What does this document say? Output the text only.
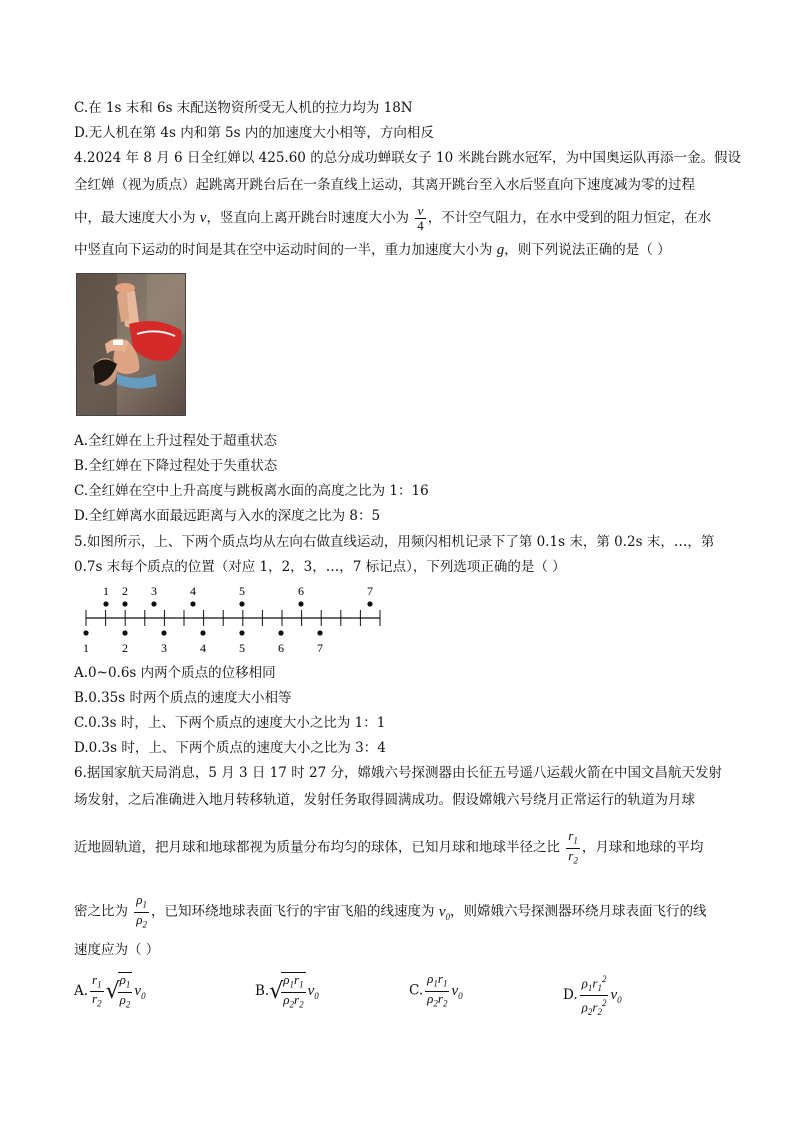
C.在 1s 末和 6s 末配送物资所受无人机的拉力均为 18N
D.无人机在第 4s 内和第 5s 内的加速度大小相等，方向相反
4.2024 年 8 月 6 日全红婵以 425.60 的总分成功蝉联女子 10 米跳台跳水冠军，为中国奥运队再添一金。假设
全红婵（视为质点）起跳离开跳台后在一条直线上运动，其离开跳台至入水后竖直向下速度减为零的过程
中，最大速度大小为 v，竖直向上离开跳台时速度大小为 $\frac{v}{4}$ ，不计空气阻力，在水中受到的阻力恒定，在水
中竖直向下运动的时间是其在空中运动时间的一半，重力加速度大小为 g，则下列说法正确的是（ ）
A.全红婵在上升过程处于超重状态
B.全红婵在下降过程处于失重状态
C.全红婵在空中上升高度与跳板离水面的高度之比为 1：16
D.全红婵离水面最远距离与入水的深度之比为 8：5
5.如图所示，上、下两个质点均从左向右做直线运动，用频闪相机记录下了第 0.1s 末，第 0.2s 末，…，第
0.7s 末每个质点的位置（对应 1，2，3，…，7 标记点），下列选项正确的是（ ）
1 2 3	4	5	6	7
1	2	3	4	5	6	7
A.0~0.6s 内两个质点的位移相同
B.0.35s 时两个质点的速度大小相等
C.0.3s 时，上、下两个质点的速度大小之比为 1：1
D.0.3s 时，上、下两个质点的速度大小之比为 3：4
6.据国家航天局消息，5 月 3 日 17 时 27 分，嫦娥六号探测器由长征五号遥八运载火箭在中国文昌航天发射
场发射，之后准确进入地月转移轨道，发射任务取得圆满成功。假设嫦娥六号绕月正常运行的轨道为月球
近地圆轨道，把月球和地球都视为质量分布均匀的球体，已知月球和地球半径之比 $\frac{r_1}{r_2}$ ，月球和地球的平均
密之比为 $\frac{\rho_1}{\rho_2}$ ，已知环绕地球表面飞行的宇宙飞船的线速度为 $v_0$，则嫦娥六号探测器环绕月球表面飞行的线
速度应为（ ）
A. $\frac{r_1}{r_2}$ √
$\frac{\rho_1}{\rho_2} v_0$	B.√
$\frac{\rho_1r_1}{\rho_2r_2} v_0$	C. $\frac{\rho_1r_1}{\rho_2r_2} v_0$	D. $\frac{\rho_1r_1^2}{\rho_2r_2^2} v_0$
